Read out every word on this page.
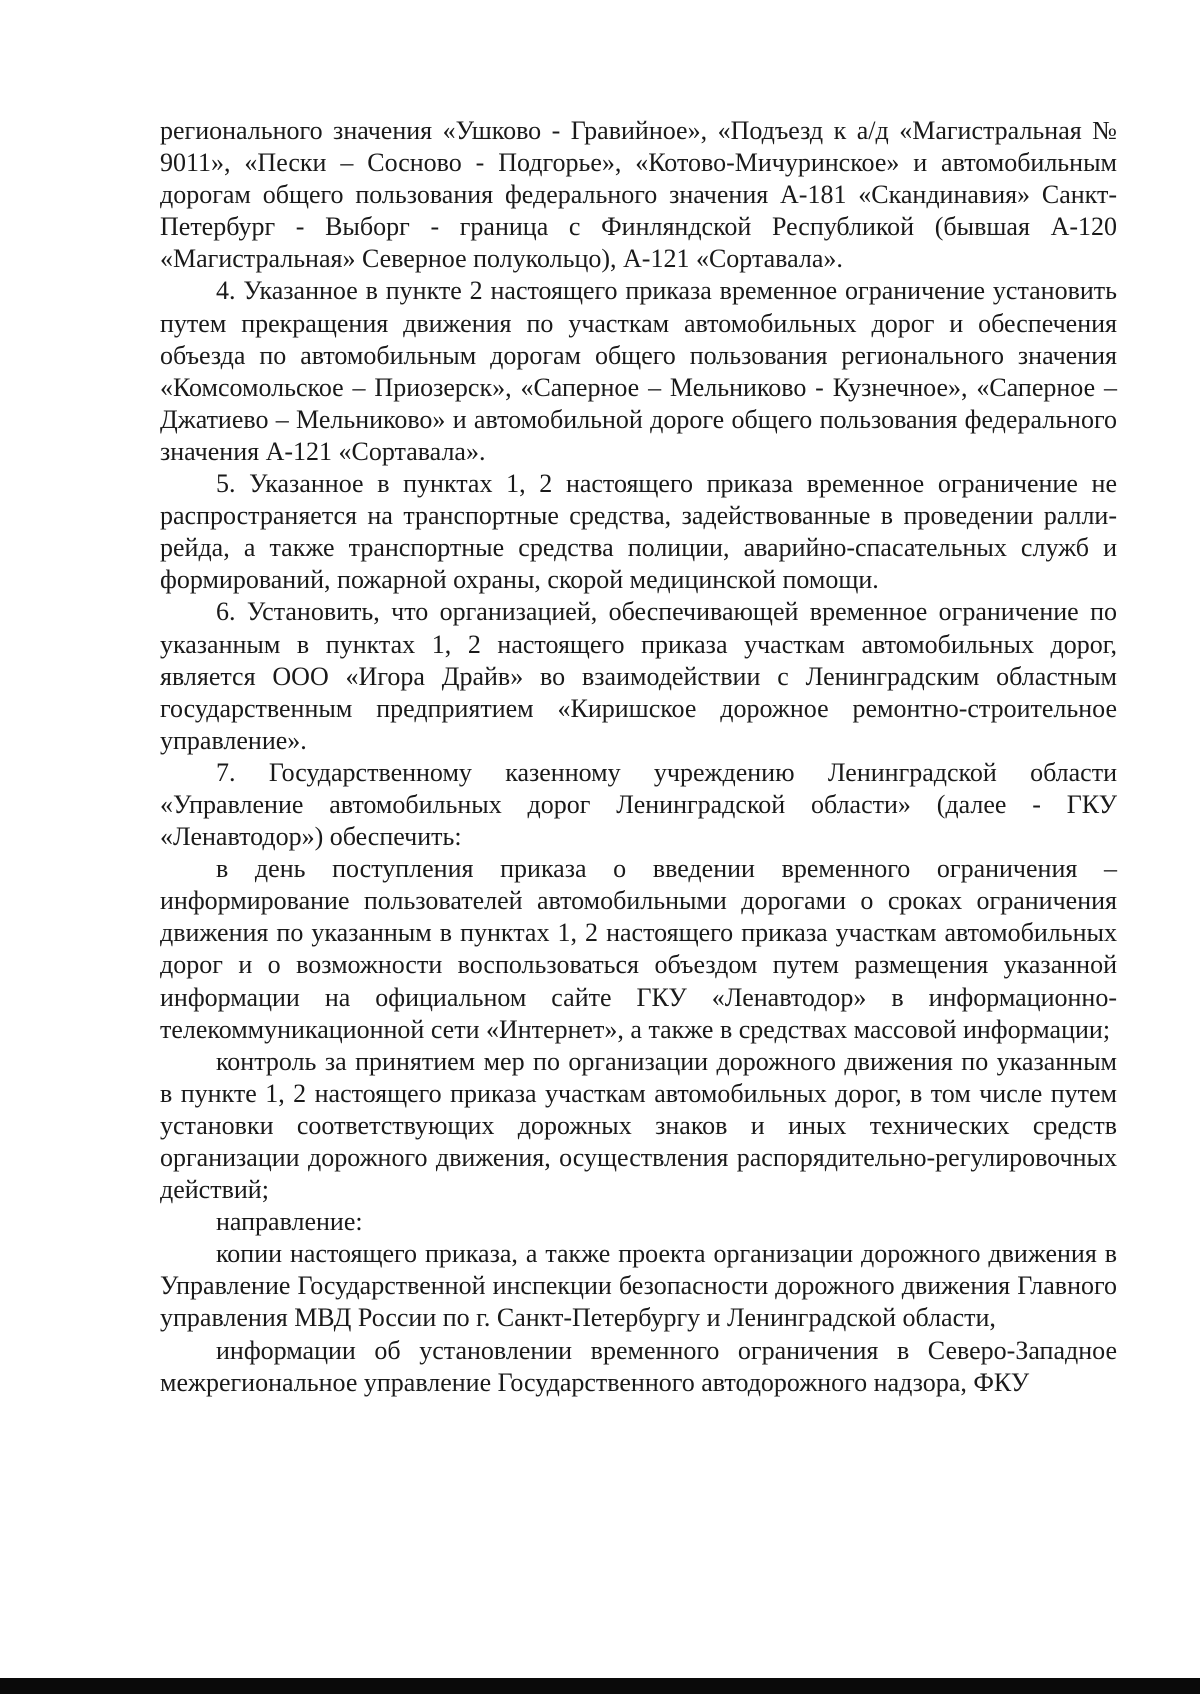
регионального значения «Ушково - Гравийное», «Подъезд к а/д «Магистральная № 9011», «Пески – Сосново - Подгорье», «Котово-Мичуринское» и автомобильным дорогам общего пользования федерального значения А-181 «Скандинавия» Санкт-Петербург - Выборг - граница с Финляндской Республикой (бывшая А-120 «Магистральная» Северное полукольцо), А-121 «Сортавала».

4. Указанное в пункте 2 настоящего приказа временное ограничение установить путем прекращения движения по участкам автомобильных дорог и обеспечения объезда по автомобильным дорогам общего пользования регионального значения «Комсомольское – Приозерск», «Саперное – Мельниково - Кузнечное», «Саперное – Джатиево – Мельниково» и автомобильной дороге общего пользования федерального значения А-121 «Сортавала».

5. Указанное в пунктах 1, 2 настоящего приказа временное ограничение не распространяется на транспортные средства, задействованные в проведении ралли-рейда, а также транспортные средства полиции, аварийно-спасательных служб и формирований, пожарной охраны, скорой медицинской помощи.

6. Установить, что организацией, обеспечивающей временное ограничение по указанным в пунктах 1, 2 настоящего приказа участкам автомобильных дорог, является ООО «Игора Драйв» во взаимодействии с Ленинградским областным государственным предприятием «Киришское дорожное ремонтно-строительное управление».

7. Государственному казенному учреждению Ленинградской области «Управление автомобильных дорог Ленинградской области» (далее - ГКУ «Ленавтодор») обеспечить:

в день поступления приказа о введении временного ограничения – информирование пользователей автомобильными дорогами о сроках ограничения движения по указанным в пунктах 1, 2 настоящего приказа участкам автомобильных дорог и о возможности воспользоваться объездом путем размещения указанной информации на официальном сайте ГКУ «Ленавтодор» в информационно-телекоммуникационной сети «Интернет», а также в средствах массовой информации;

контроль за принятием мер по организации дорожного движения по указанным в пункте 1, 2 настоящего приказа участкам автомобильных дорог, в том числе путем установки соответствующих дорожных знаков и иных технических средств организации дорожного движения, осуществления распорядительно-регулировочных действий;

направление:

копии настоящего приказа, а также проекта организации дорожного движения в Управление Государственной инспекции безопасности дорожного движения Главного управления МВД России по г. Санкт-Петербургу и Ленинградской области,

информации об установлении временного ограничения в Северо-Западное межрегиональное управление Государственного автодорожного надзора, ФКУ
